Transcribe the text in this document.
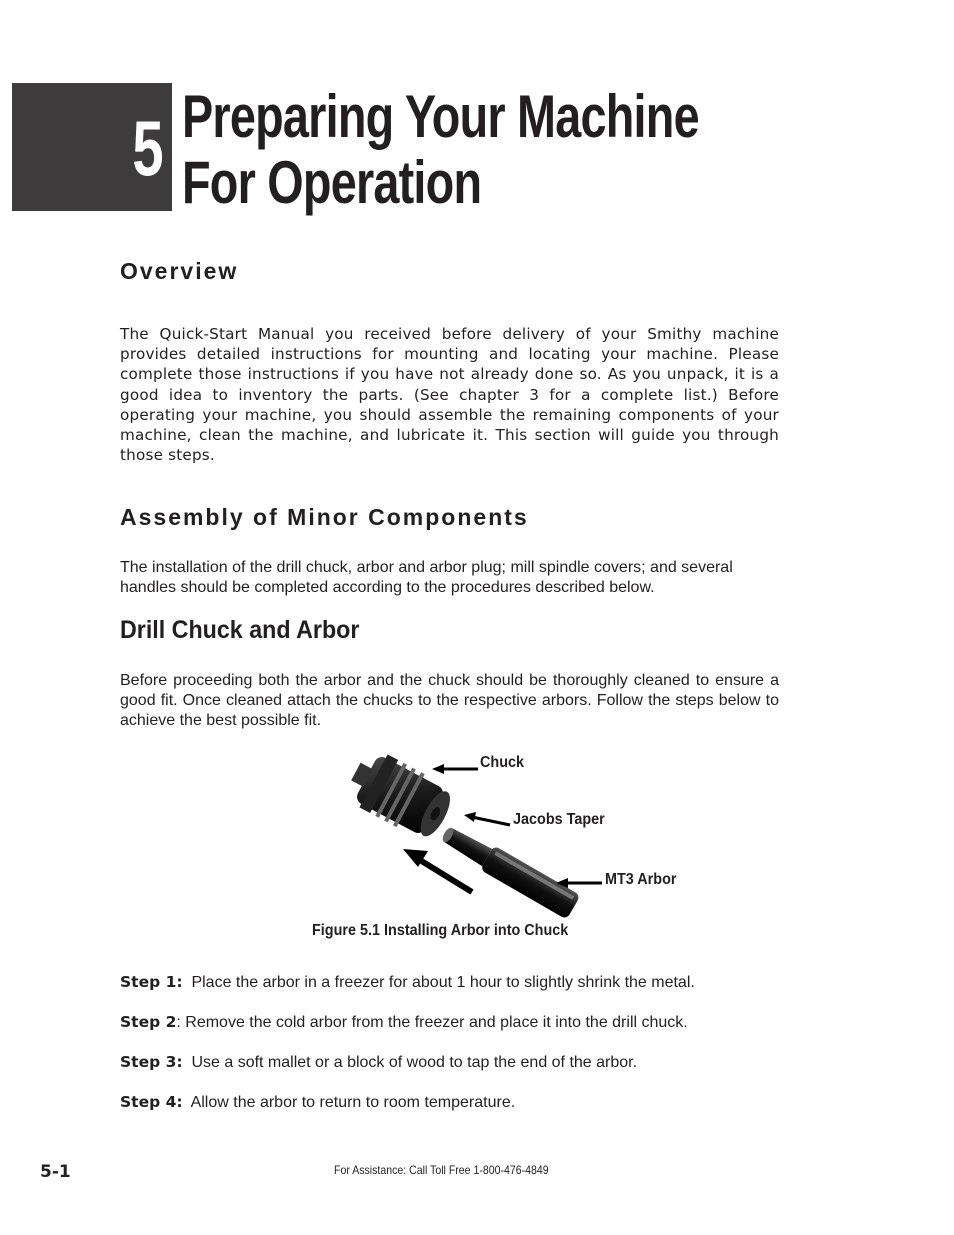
5 Preparing Your Machine
For Operation
Overview

The Quick-Start Manual you received before delivery of your Smithy machine provides detailed instructions for mounting and locating your machine. Please complete those instructions if you have not already done so. As you unpack, it is a good idea to inventory the parts. (See chapter 3 for a complete list.) Before operating your machine, you should assemble the remaining components of your machine, clean the machine, and lubricate it. This section will guide you through those steps.

Assembly of Minor Components

The installation of the drill chuck, arbor and arbor plug; mill spindle covers; and several handles should be completed according to the procedures described below.

Drill Chuck and Arbor

Before proceeding both the arbor and the chuck should be thoroughly cleaned to ensure a good fit. Once cleaned attach the chucks to the respective arbors. Follow the steps below to achieve the best possible fit.

Chuck
Jacobs Taper
MT3 Arbor
Figure 5.1 Installing Arbor into Chuck
Step 1:  Place the arbor in a freezer for about 1 hour to slightly shrink the metal.
Step 2: Remove the cold arbor from the freezer and place it into the drill chuck.
Step 3:  Use a soft mallet or a block of wood to tap the end of the arbor.
Step 4:  Allow the arbor to return to room temperature.
5-1	For Assistance: Call Toll Free 1-800-476-4849
